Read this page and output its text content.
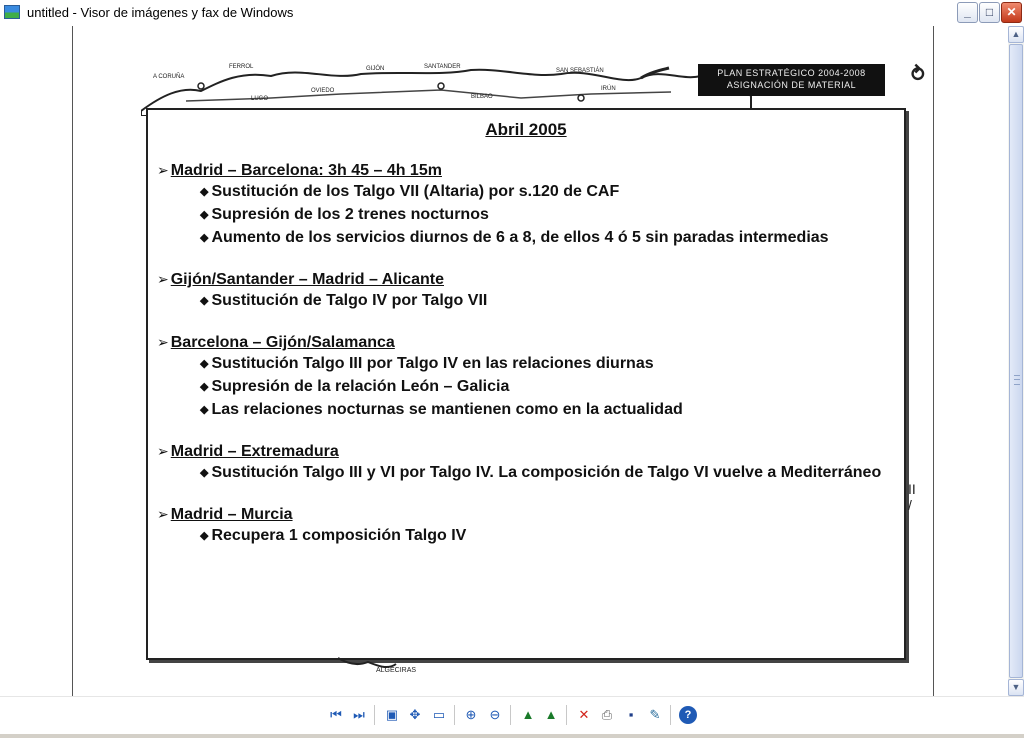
untitled - Visor de imágenes y fax de Windows	_	□	✕
A CORUÑA
FERROL
LUGO
OVIEDO
GIJÓN	SANTANDER
BILBAO
SAN SEBASTIÁN
IRÚN
PLAN ESTRATÉGICO 2004-2008
ASIGNACIÓN DE MATERIAL	⥁
Abril 2005
➢ Madrid – Barcelona: 3h 45 – 4h 15m
◆ Sustitución de los Talgo VII (Altaria) por s.120 de CAF
◆ Supresión de los 2 trenes nocturnos
◆ Aumento de los servicios diurnos de 6 a 8, de ellos 4 ó 5 sin paradas intermedias
➢ Gijón/Santander – Madrid – Alicante
◆ Sustitución de Talgo IV por Talgo VII
➢ Barcelona – Gijón/Salamanca
◆ Sustitución Talgo III por Talgo IV en las relaciones diurnas
◆ Supresión de la relación León – Galicia
◆ Las relaciones nocturnas se mantienen como en la actualidad
➢ Madrid – Extremadura
◆ Sustitución Talgo III y VI por Talgo IV. La composición de Talgo VI vuelve a Mediterráneo
➢ Madrid – Murcia
◆ Recupera 1 composición Talgo IV
II
/
ALGECIRAS
▲
▼
⏮ ⏭ ▣ ✥ ▭ ⊕ ⊖ ▲ ▲ ✕ ⎙	▪	✎	?
